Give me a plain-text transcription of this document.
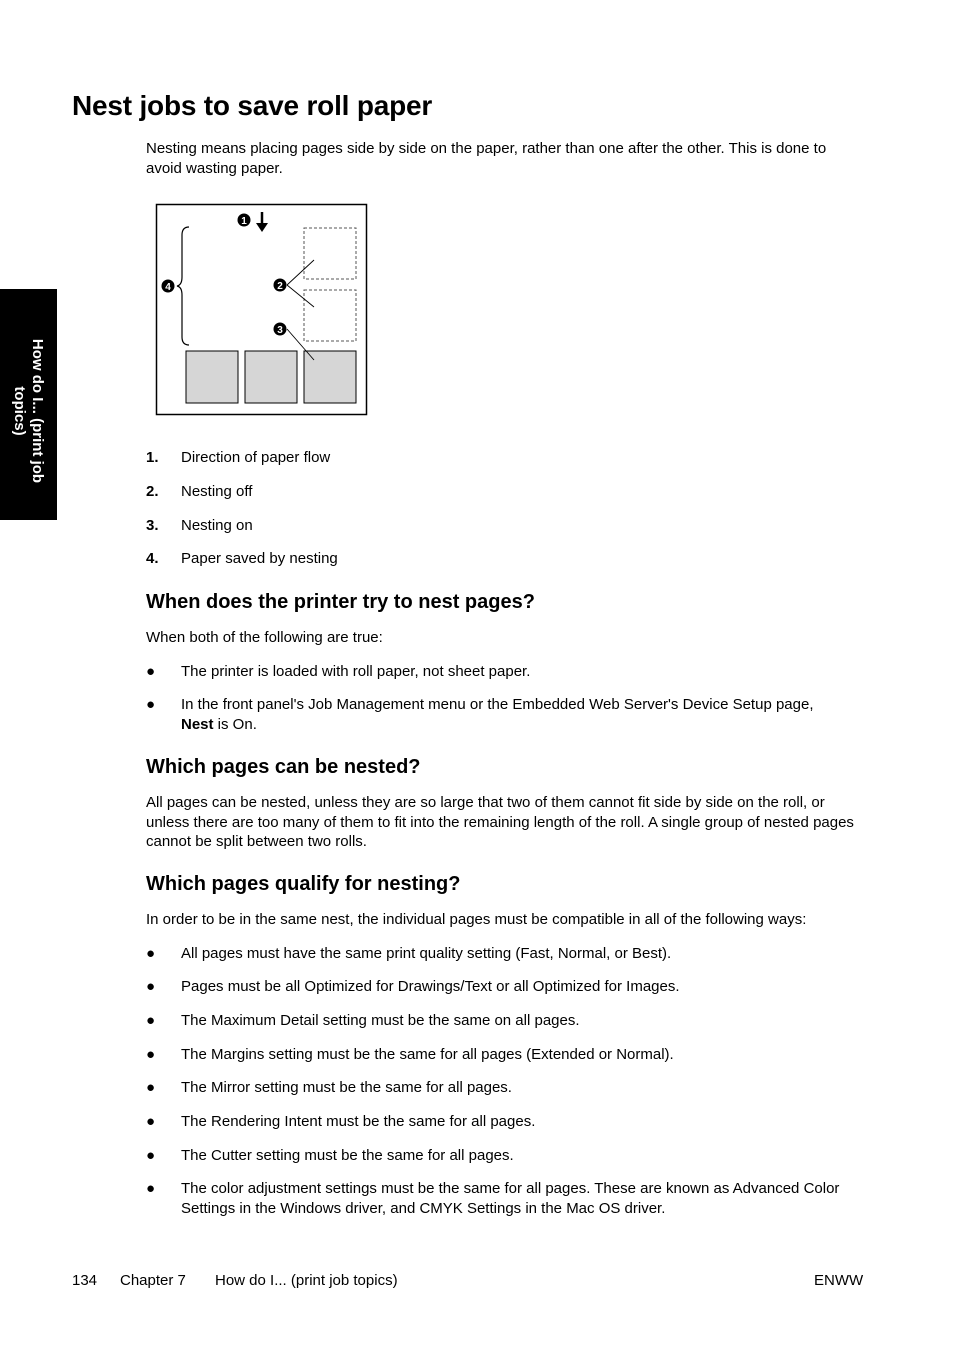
How do I... (print job
topics)
Nest jobs to save roll paper

Nesting means placing pages side by side on the paper, rather than one after the other. This is done to avoid wasting paper.

1
2
3
4
1.	Direction of paper flow
2.	Nesting off
3.	Nesting on
4.	Paper saved by nesting
When does the printer try to nest pages?

When both of the following are true:

●	The printer is loaded with roll paper, not sheet paper.
●	In the front panel's Job Management menu or the Embedded Web Server's Device Setup page,
Nest is On.
Which pages can be nested?

All pages can be nested, unless they are so large that two of them cannot fit side by side on the roll, or unless there are too many of them to fit into the remaining length of the roll. A single group of nested pages cannot be split between two rolls.

Which pages qualify for nesting?

In order to be in the same nest, the individual pages must be compatible in all of the following ways:

●	All pages must have the same print quality setting (Fast, Normal, or Best).
●	Pages must be all Optimized for Drawings/Text or all Optimized for Images.
●	The Maximum Detail setting must be the same on all pages.
●	The Margins setting must be the same for all pages (Extended or Normal).
●	The Mirror setting must be the same for all pages.
●	The Rendering Intent must be the same for all pages.
●	The Cutter setting must be the same for all pages.
●	The color adjustment settings must be the same for all pages. These are known as Advanced Color Settings in the Windows driver, and CMYK Settings in the Mac OS driver.
134 Chapter 7 How do I... (print job topics)	ENWW
